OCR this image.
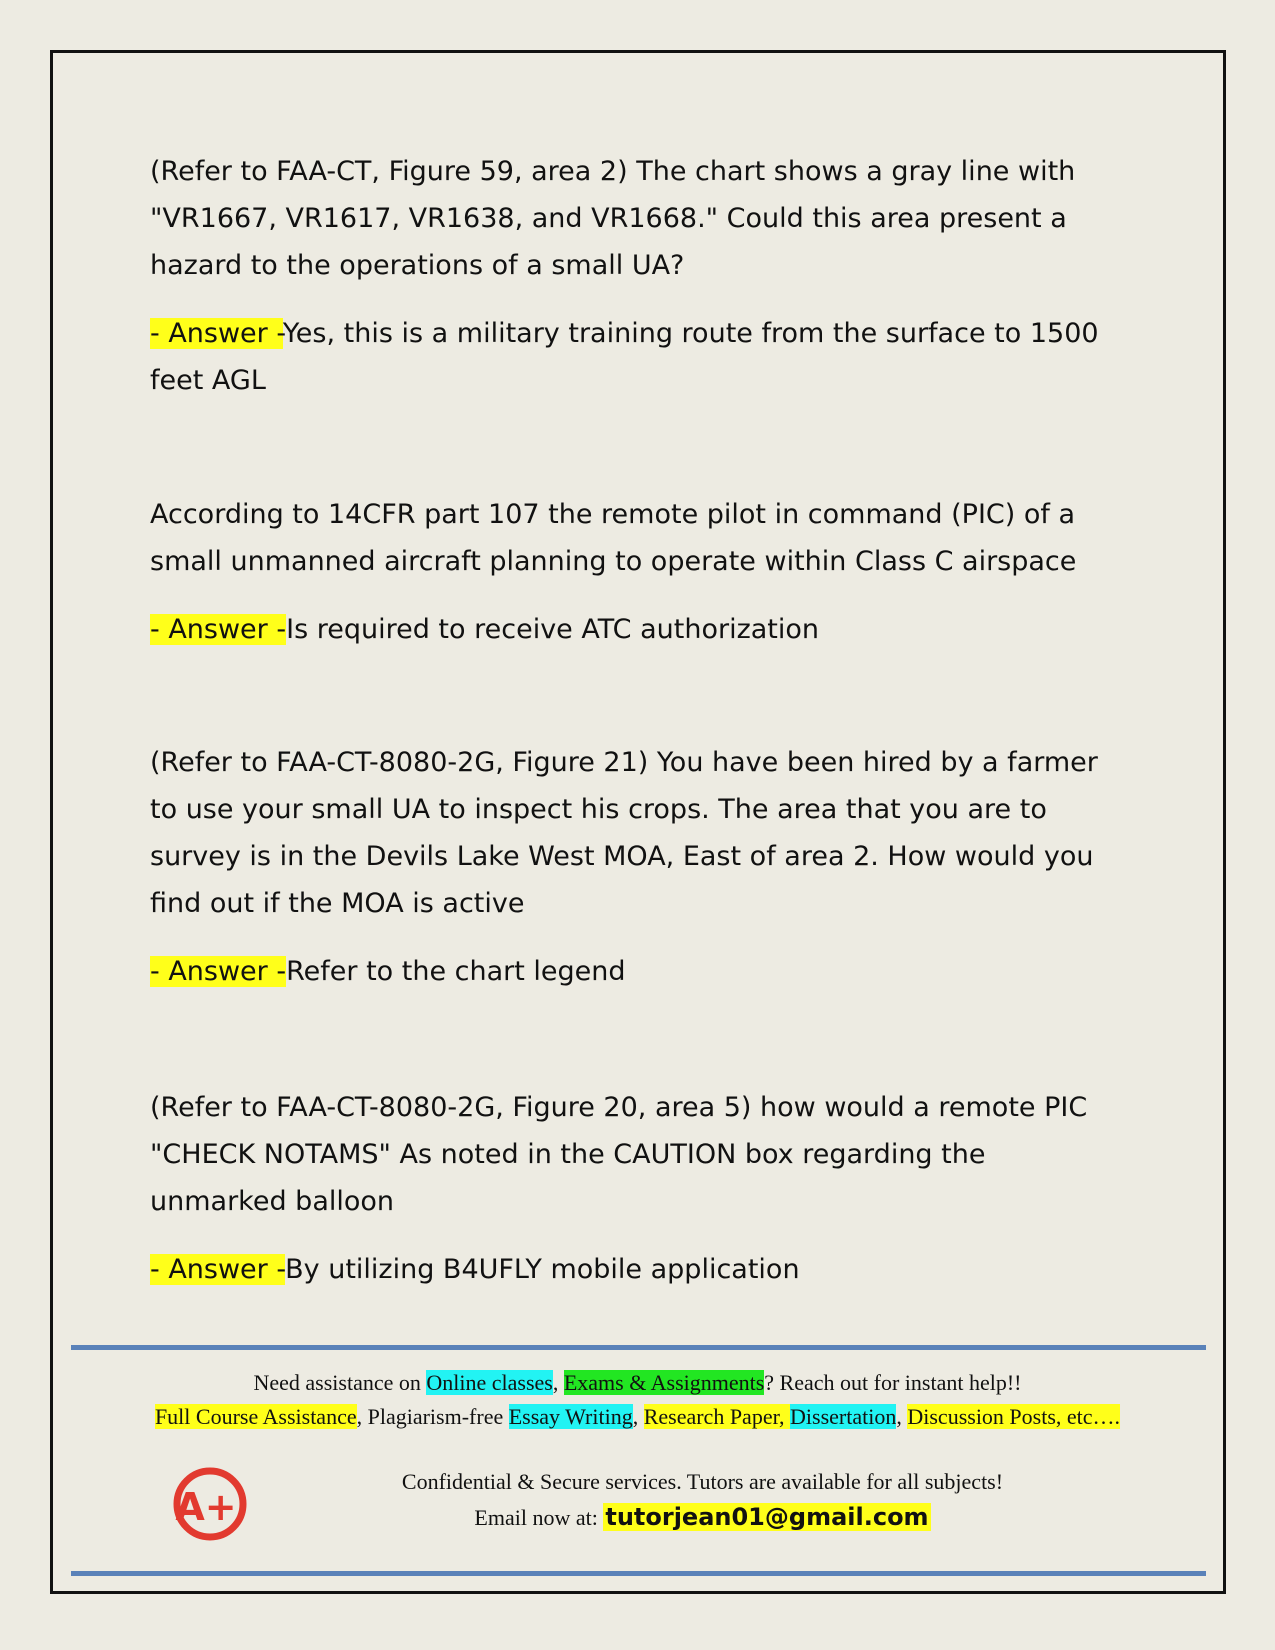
(Refer to FAA-CT, Figure 59, area 2) The chart shows a gray line with

"VR1667, VR1617, VR1638, and VR1668." Could this area present a

hazard to the operations of a small UA?

- Answer -Yes, this is a military training route from the surface to 1500

feet AGL

According to 14CFR part 107 the remote pilot in command (PIC) of a

small unmanned aircraft planning to operate within Class C airspace

- Answer -Is required to receive ATC authorization

(Refer to FAA-CT-8080-2G, Figure 21) You have been hired by a farmer

to use your small UA to inspect his crops. The area that you are to

survey is in the Devils Lake West MOA, East of area 2. How would you

find out if the MOA is active

- Answer -Refer to the chart legend

(Refer to FAA-CT-8080-2G, Figure 20, area 5) how would a remote PIC

"CHECK NOTAMS" As noted in the CAUTION box regarding the

unmarked balloon

- Answer -By utilizing B4UFLY mobile application

Need assistance on Online classes, Exams & Assignments? Reach out for instant help!!
Full Course Assistance, Plagiarism-free Essay Writing, Research Paper, Dissertation, Discussion Posts, etc….
A+
Confidential & Secure services. Tutors are available for all subjects!
Email now at: tutorjean01@gmail.com
